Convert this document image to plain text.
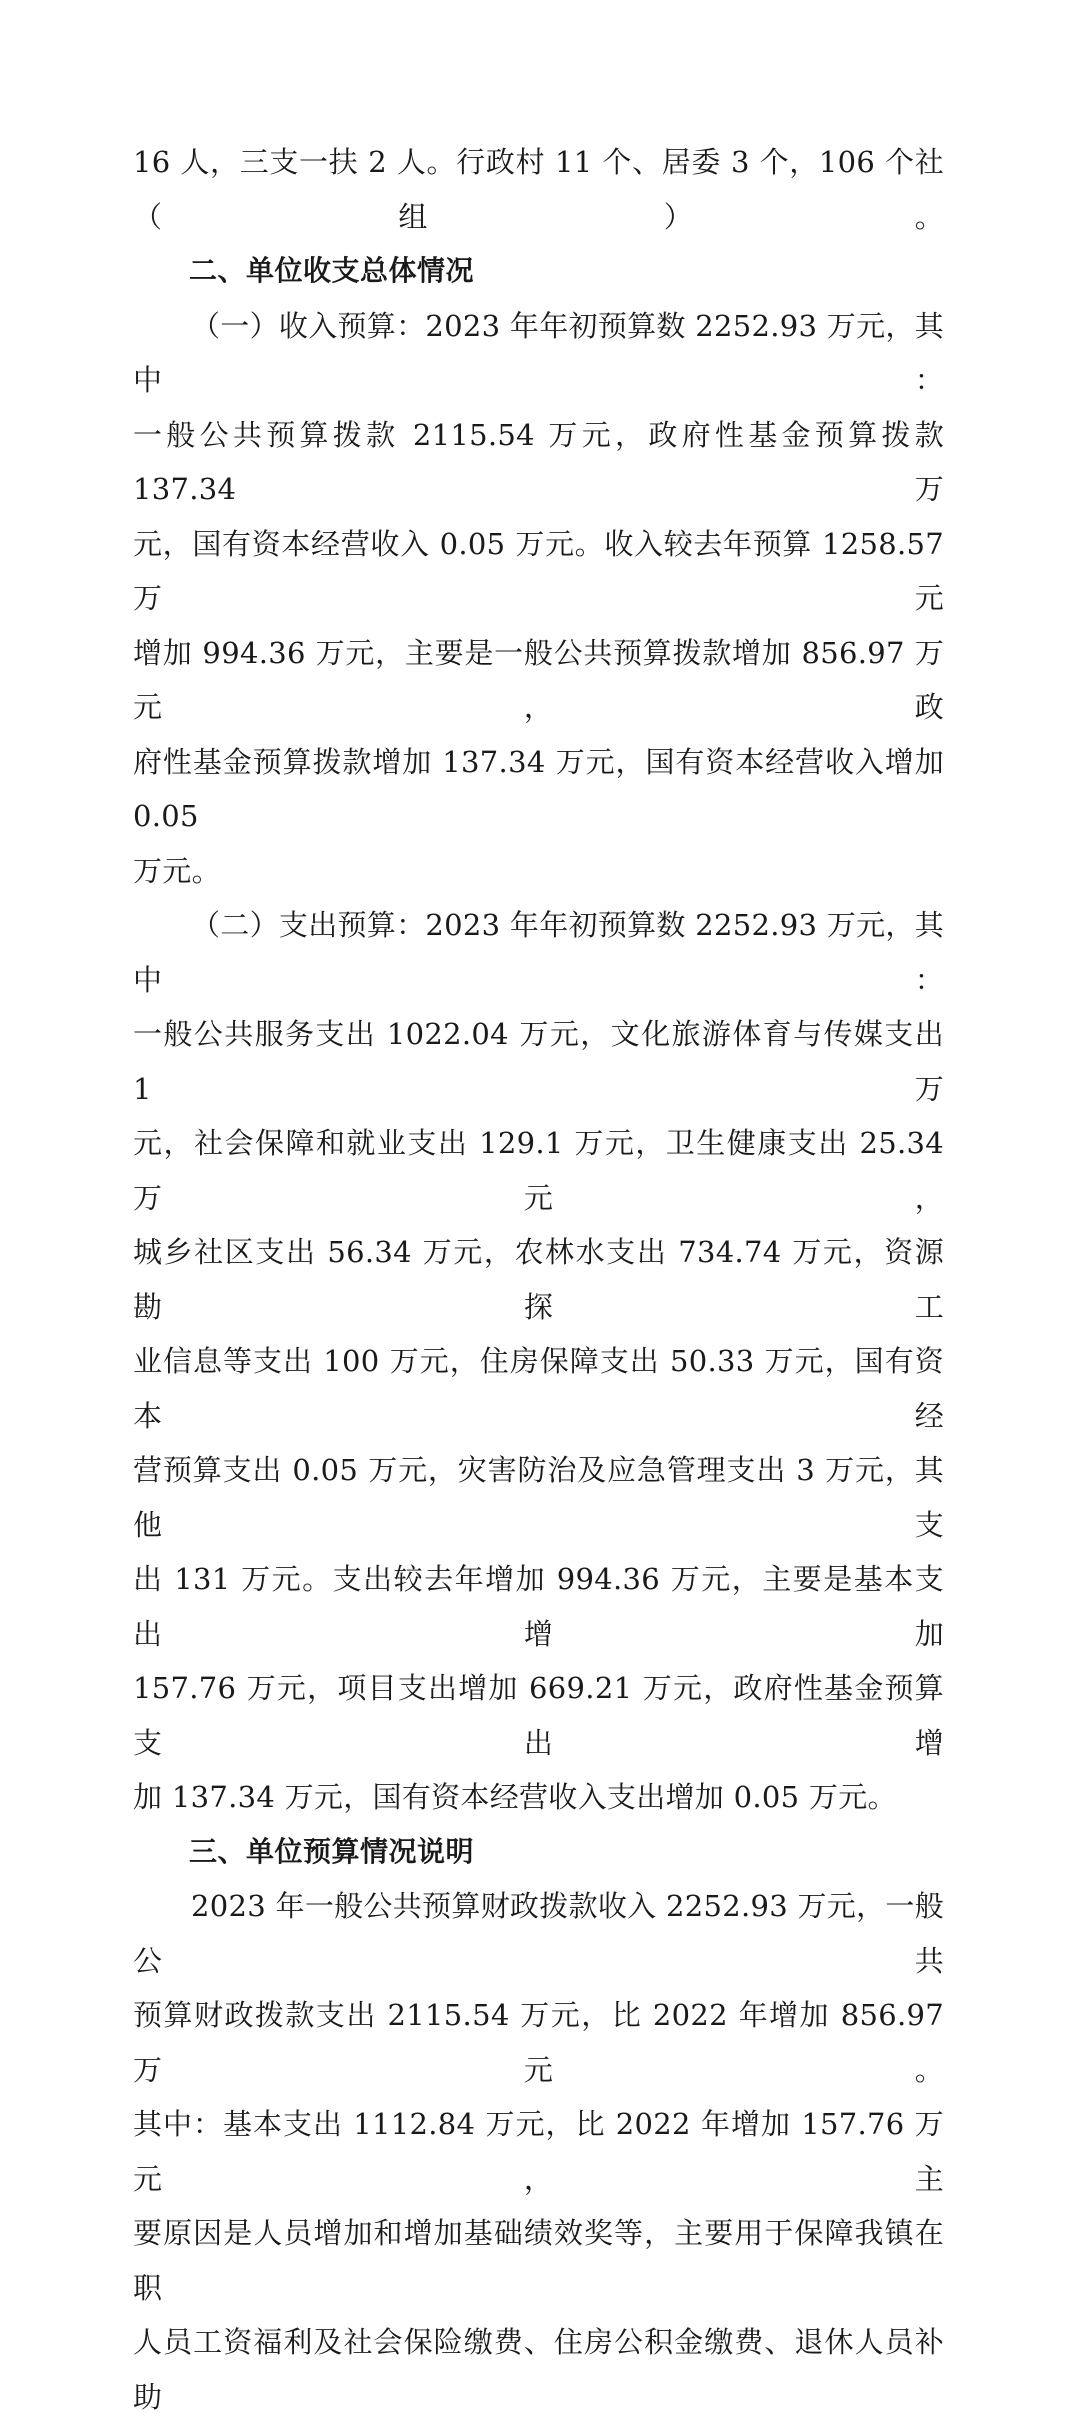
16 人，三支一扶 2 人。行政村 11 个、居委 3 个，106 个社（组）。

二、单位收支总体情况

（一）收入预算：2023 年年初预算数 2252.93 万元，其中：

一般公共预算拨款 2115.54 万元，政府性基金预算拨款 137.34 万

元，国有资本经营收入 0.05 万元。收入较去年预算 1258.57 万元

增加 994.36 万元，主要是一般公共预算拨款增加 856.97 万元，政

府性基金预算拨款增加 137.34 万元，国有资本经营收入增加 0.05

万元。

（二）支出预算：2023 年年初预算数 2252.93 万元，其中：

一般公共服务支出 1022.04 万元，文化旅游体育与传媒支出 1 万

元，社会保障和就业支出 129.1 万元，卫生健康支出 25.34 万元，

城乡社区支出 56.34 万元，农林水支出 734.74 万元，资源勘探工

业信息等支出 100 万元，住房保障支出 50.33 万元，国有资本经

营预算支出 0.05 万元，灾害防治及应急管理支出 3 万元，其他支

出 131 万元。支出较去年增加 994.36 万元，主要是基本支出增加

157.76 万元，项目支出增加 669.21 万元，政府性基金预算支出增

加 137.34 万元，国有资本经营收入支出增加 0.05 万元。

三、单位预算情况说明

2023 年一般公共预算财政拨款收入 2252.93 万元，一般公共

预算财政拨款支出 2115.54 万元，比 2022 年增加 856.97 万元。

其中：基本支出 1112.84 万元，比 2022 年增加 157.76 万元，主

要原因是人员增加和增加基础绩效奖等，主要用于保障我镇在职

人员工资福利及社会保险缴费、住房公积金缴费、退休人员补助
